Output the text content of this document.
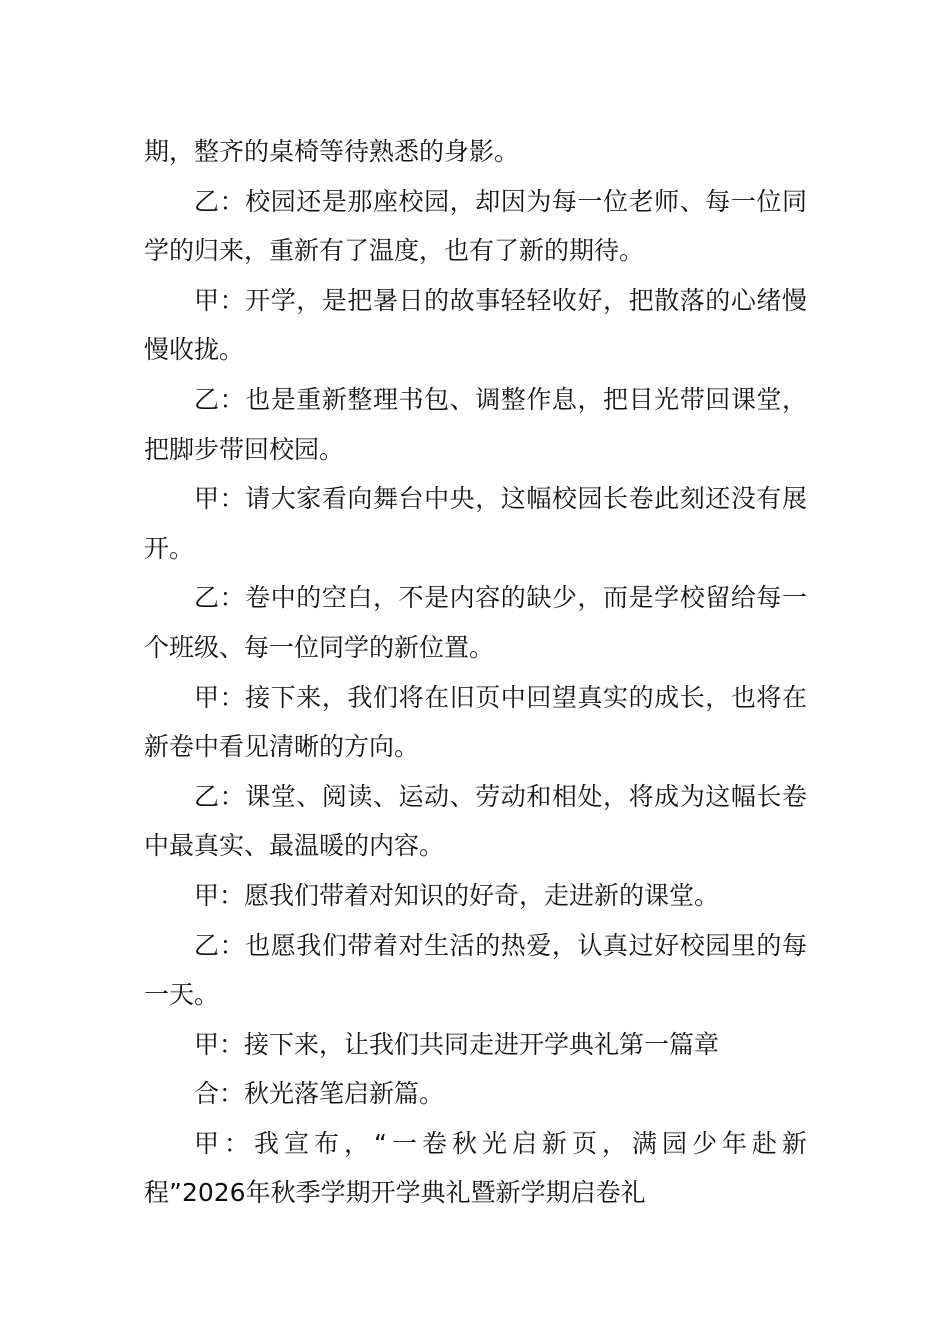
期，整齐的桌椅等待熟悉的身影。

乙：校园还是那座校园，却因为每一位老师、每一位同学的归来，重新有了温度，也有了新的期待。

甲：开学，是把暑日的故事轻轻收好，把散落的心绪慢慢收拢。

乙：也是重新整理书包、调整作息，把目光带回课堂，把脚步带回校园。

甲：请大家看向舞台中央，这幅校园长卷此刻还没有展开。

乙：卷中的空白，不是内容的缺少，而是学校留给每一个班级、每一位同学的新位置。

甲：接下来，我们将在旧页中回望真实的成长，也将在新卷中看见清晰的方向。

乙：课堂、阅读、运动、劳动和相处，将成为这幅长卷中最真实、最温暖的内容。

甲：愿我们带着对知识的好奇，走进新的课堂。

乙：也愿我们带着对生活的热爱，认真过好校园里的每一天。

甲：接下来，让我们共同走进开学典礼第一篇章

合：秋光落笔启新篇。

甲：我宣布，“一卷秋光启新页，满园少年赴新程”2026年秋季学期开学典礼暨新学期启卷礼
